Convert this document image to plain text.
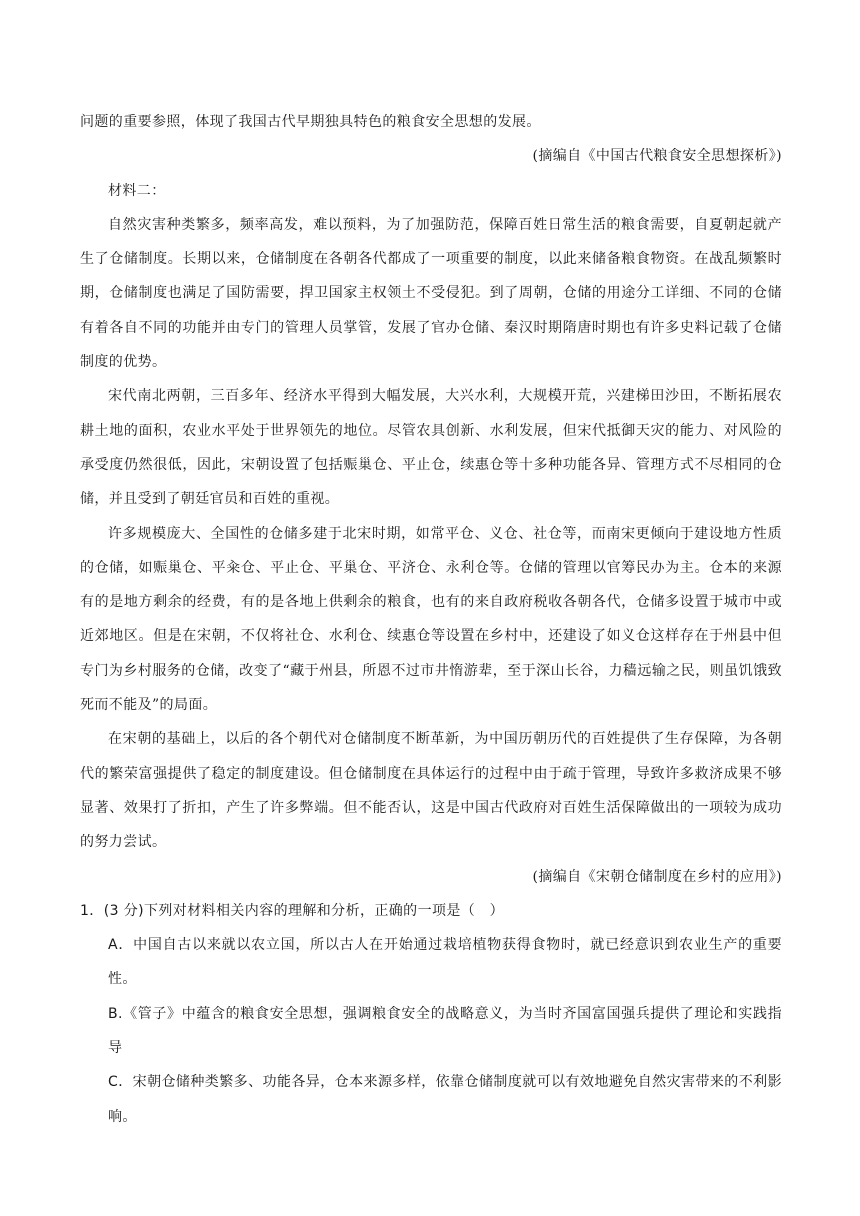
问题的重要参照，体现了我国古代早期独具特色的粮食安全思想的发展。

(摘编自《中国古代粮食安全思想探析》)

材料二：

自然灾害种类繁多，频率高发，难以预料，为了加强防范，保障百姓日常生活的粮食需要，自夏朝起就产生了仓储制度。长期以来，仓储制度在各朝各代都成了一项重要的制度，以此来储备粮食物资。在战乱频繁时期，仓储制度也满足了国防需要，捍卫国家主权领土不受侵犯。到了周朝，仓储的用途分工详细、不同的仓储有着各自不同的功能并由专门的管理人员掌管，发展了官办仓储、秦汉时期隋唐时期也有许多史料记载了仓储制度的优势。

宋代南北两朝，三百多年、经济水平得到大幅发展，大兴水利，大规模开荒，兴建梯田沙田，不断拓展农耕土地的面积，农业水平处于世界领先的地位。尽管农具创新、水利发展，但宋代抵御天灾的能力、对风险的承受度仍然很低，因此，宋朝设置了包括赈巢仓、平止仓，续惠仓等十多种功能各异、管理方式不尽相同的仓储，并且受到了朝廷官员和百姓的重视。

许多规模庞大、全国性的仓储多建于北宋时期，如常平仓、义仓、社仓等，而南宋更倾向于建设地方性质的仓储，如赈巢仓、平籴仓、平止仓、平巢仓、平济仓、永利仓等。仓储的管理以官筹民办为主。仓本的来源有的是地方剩余的经费，有的是各地上供剩余的粮食，也有的来自政府税收各朝各代，仓储多设置于城市中或近郊地区。但是在宋朝，不仅将社仓、水利仓、续惠仓等设置在乡村中，还建设了如义仓这样存在于州县中但专门为乡村服务的仓储，改变了“藏于州县，所恩不过市井惰游辈，至于深山长谷，力穑远输之民，则虽饥饿致死而不能及”的局面。

在宋朝的基础上，以后的各个朝代对仓储制度不断革新，为中国历朝历代的百姓提供了生存保障，为各朝代的繁荣富强提供了稳定的制度建设。但仓储制度在具体运行的过程中由于疏于管理，导致许多救济成果不够显著、效果打了折扣，产生了许多弊端。但不能否认，这是中国古代政府对百姓生活保障做出的一项较为成功的努力尝试。

(摘编自《宋朝仓储制度在乡村的应用》)

1．(3 分)下列对材料相关内容的理解和分析，正确的一项是（　）

A．中国自古以来就以农立国，所以古人在开始通过栽培植物获得食物时，就已经意识到农业生产的重要性。

B.《管子》中蕴含的粮食安全思想，强调粮食安全的战略意义，为当时齐国富国强兵提供了理论和实践指导

C．宋朝仓储种类繁多、功能各异，仓本来源多样，依靠仓储制度就可以有效地避免自然灾害带来的不利影响。
